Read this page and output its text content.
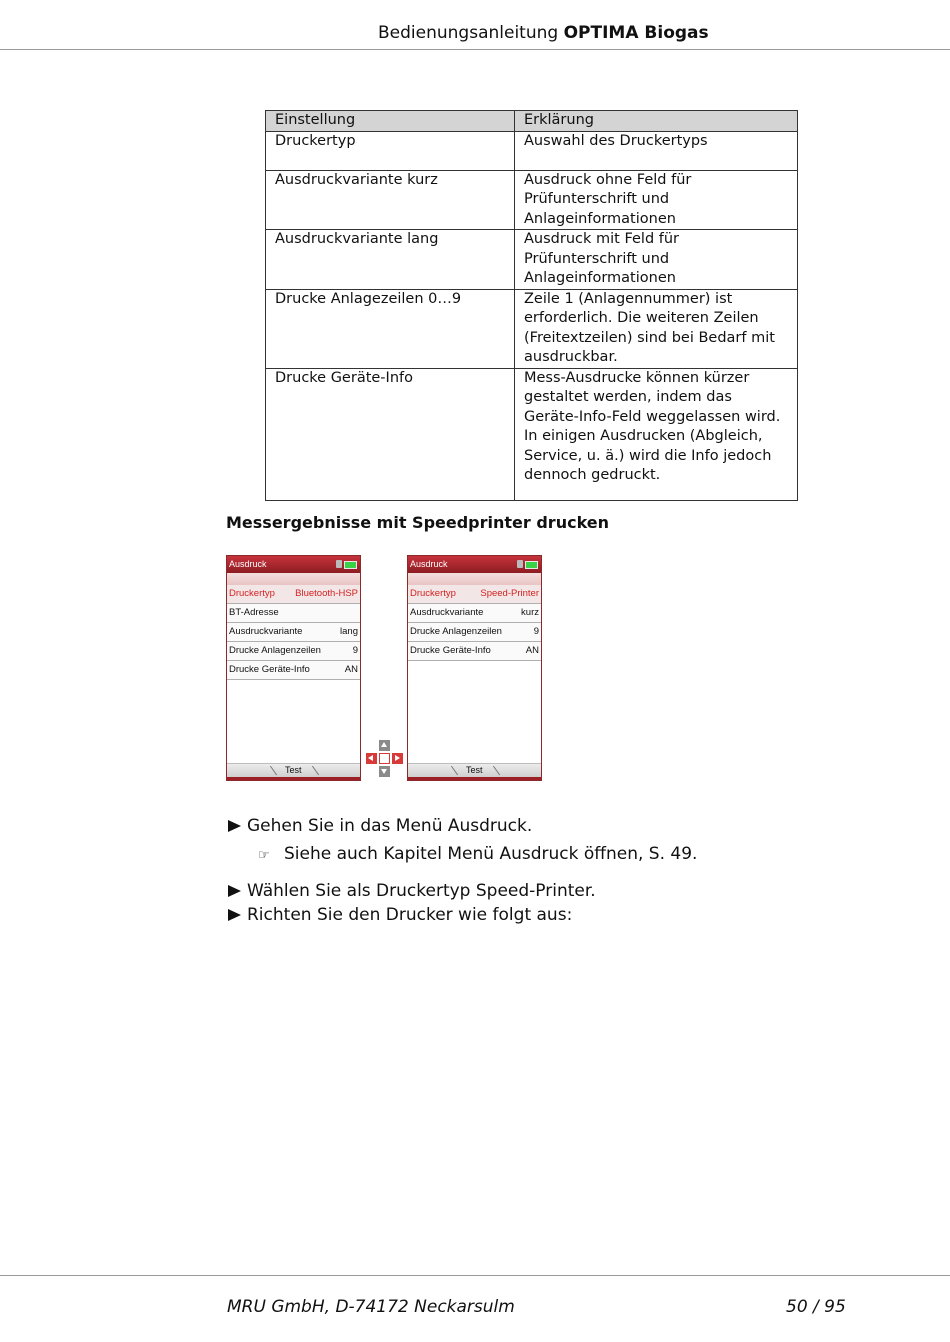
Bedienungsanleitung OPTIMA Biogas
Einstellung	Erklärung
Druckertyp	Auswahl des Druckertyps
Ausdruckvariante kurz	Ausdruck ohne Feld für Prüfunterschrift und Anlageinformationen
Ausdruckvariante lang	Ausdruck mit Feld für Prüfunterschrift und Anlageinformationen
Drucke Anlagezeilen 0…9	Zeile 1 (Anlagennummer) ist erforderlich. Die weiteren Zeilen (Freitextzeilen) sind bei Bedarf mit ausdruckbar.
Drucke Geräte-Info	Mess-Ausdrucke können kürzer gestaltet werden, indem das Geräte-Info-Feld weggelassen wird. In einigen Ausdrucken (Abgleich, Service, u. ä.) wird die Info jedoch dennoch gedruckt.
Messergebnisse mit Speedprinter drucken
Ausdruck
Druckertyp Bluetooth-HSP
BT-Adresse
Ausdruckvariante	lang
Drucke Anlagenzeilen	9
Drucke Geräte-Info	AN
Test
Ausdruck
Druckertyp	Speed-Printer
Ausdruckvariante	kurz
Drucke Anlagenzeilen	9
Drucke Geräte-Info	AN
Test
Gehen Sie in das Menü Ausdruck.
☞ Siehe auch Kapitel Menü Ausdruck öffnen, S. 49.
Wählen Sie als Druckertyp Speed-Printer.
Richten Sie den Drucker wie folgt aus:
MRU GmbH, D-74172 Neckarsulm	50 / 95
